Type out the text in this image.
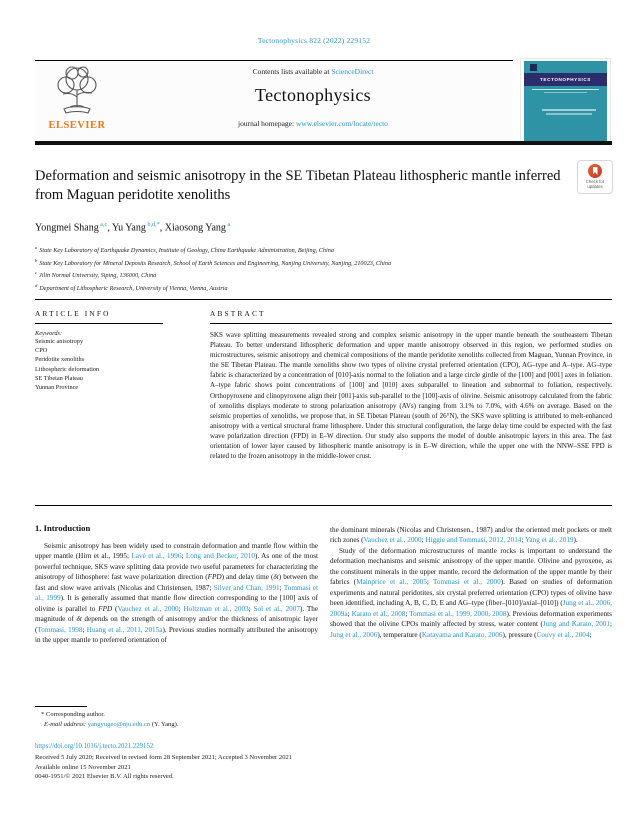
Tectonophysics 822 (2022) 229152
ELSEVIER
Contents lists available at ScienceDirect
Tectonophysics
journal homepage: www.elsevier.com/locate/tecto
TECTONOPHYSICS
Deformation and seismic anisotropy in the SE Tibetan Plateau lithospheric mantle inferred from Maguan peridotite xenoliths
Check for updates
Yongmei Shang $^{a,c}$, Yu Yang $^{b,d,*}$, Xiaosong Yang $^a$
$^a$ State Key Laboratory of Earthquake Dynamics, Institute of Geology, China Earthquake Administration, Beijing, China
$^b$ State Key Laboratory for Mineral Deposits Research, School of Earth Sciences and Engineering, Nanjing University, Nanjing, 210023, China
$^c$ Jilin Normal University, Siping, 136000, China
$^d$ Department of Lithospheric Research, University of Vienna, Vienna, Austria
ARTICLE INFO
Keywords:
Seismic anisotropy
CPO
Peridotite xenoliths
Lithospheric deformation
SE Tibetan Plateau
Yunnan Province
ABSTRACT
SKS wave splitting measurements revealed strong and complex seismic anisotropy in the upper mantle beneath the southeastern Tibetan Plateau. To better understand lithospheric deformation and upper mantle anisotropy observed in this region, we performed studies on microstructures, seismic anisotropy and chemical compositions of the mantle peridotite xenoliths collected from Maguan, Yunnan Province, in the SE Tibetan Plateau. The mantle xenoliths show two types of olivine crystal preferred orientation (CPO), AG–type and A–type. AG–type fabric is characterized by a concentration of [010]-axis normal to the foliation and a large circle girdle of the [100] and [001] axes in foliation. A–type fabric shows point concentrations of [100] and [010] axes subparallel to lineation and subnormal to foliation, respectively. Orthopyroxene and clinopyroxene align their [001]-axis sub-parallel to the [100]-axis of olivine. Seismic anisotropy calculated from the fabric of xenoliths displays moderate to strong polarization anisotropy (AVs) ranging from 3.1% to 7.0%, with 4.6% on average. Based on the seismic properties of xenoliths, we propose that, in SE Tibetan Plateau (south of 26°N), the SKS wave splitting is attributed to melt-enhanced anisotropy with a vertical structural frame lithosphere. Under this structural configuration, the large delay time could be expected with the fast wave polarization direction (FPD) in E–W direction. Our study also supports the model of double anisotropic layers in this area. The fast orientation of lower layer caused by lithospheric mantle anisotropy is in E–W direction, while the upper one with the NNW–SSE FPD is related to the frozen anisotropy in the middle-lower crust.
1. Introduction

Seismic anisotropy has been widely used to constrain deformation and mantle flow within the upper mantle (Hirn et al., 1995; Lavé et al., 1996; Long and Becker, 2010). As one of the most powerful technique, SKS wave splitting data provide two useful parameters for characterizing the anisotropy of lithosphere: fast wave polarization direction (FPD) and delay time (δt) between the fast and slow wave arrivals (Nicolas and Christensen, 1987; Silver and Chan, 1991; Tommasi et al., 1999). It is generally assumed that mantle flow direction corresponding to the [100] axis of olivine is parallel to FPD (Vauchez et al., 2000; Holtzman et al., 2003; Sol et al., 2007). The magnitude of δt depends on the strength of anisotropy and/or the thickness of anisotropic layer (Tommasi, 1998; Huang et al., 2011, 2015a). Previous studies normally attributed the anisotropy in the upper mantle to preferred orientation of

the dominant minerals (Nicolas and Christensen., 1987) and/or the oriented melt pockets or melt rich zones (Vauchez et al., 2000; Higgie and Tommasi, 2012, 2014; Yang et al., 2019).

Study of the deformation microstructures of mantle rocks is important to understand the deformation mechanisms and seismic anisotropy of the upper mantle. Olivine and pyroxene, as the constituent minerals in the upper mantle, record the deformation of the upper mantle by their fabrics (Mainprice et al., 2005; Tommasi et al., 2000). Based on studies of deformation experiments and natural peridotites, six crystal preferred orientation (CPO) types of olivine have been identified, including A, B, C, D, E and AG–type (fiber–[010]/axial–[010]) (Jung et al., 2006, 2009a; Karato et al., 2008; Tommasi et al., 1999, 2000, 2008). Previous deformation experiments showed that the olivine CPOs mainly affected by stress, water content (Jung and Karato, 2001; Jung et al., 2006), temperature (Katayama and Karato, 2006), pressure (Couvy et al., 2004;

* Corresponding author.
E-mail address: yangyugeo@nju.edu.cn (Y. Yang).
https://doi.org/10.1016/j.tecto.2021.229152
Received 5 July 2020; Received in revised form 28 September 2021; Accepted 3 November 2021
Available online 15 November 2021
0040-1951/© 2021 Elsevier B.V. All rights reserved.
